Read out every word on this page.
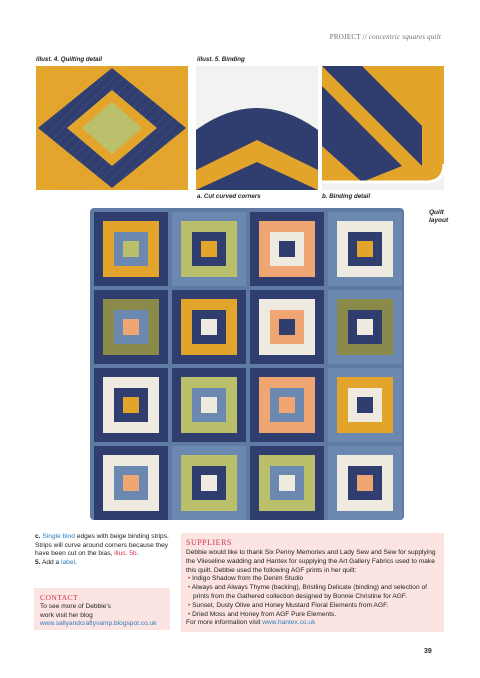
PROJECT // concentric squares quilt
illust. 4. Quilting detail	illust. 5. Binding
a. Cut curved corners	b. Binding detail
Quilt
layout
c. Single bind edges with beige binding strips. Strips will curve around corners because they have been cut on the bias, illus. 5b.
5. Add a label.
CONTACT
To see more of Debbie's
work visit her blog
www.sallyandcraftyvamp.blogspot.co.uk
SUPPLIERS
Debbie would like to thank Six Penny Memories and Lady Sew and Sew for supplying the Vlieseline wadding and Hantex for supplying the Art Gallery Fabrics used to make this quilt. Debbie used the following AGF prints in her quilt:
• Indigo Shadow from the Denim Studio
• Always and Always Thyme (backing), Bristling Delicate (binding) and selection of prints from the Gathered collection designed by Bonnie Christine for AGF.
• Sunset, Dusty Olive and Honey Mustard Floral Elements from AGF.
• Dried Moss and Honey from AGF Pure Elements.
For more information visit www.hantex.co.uk
39
